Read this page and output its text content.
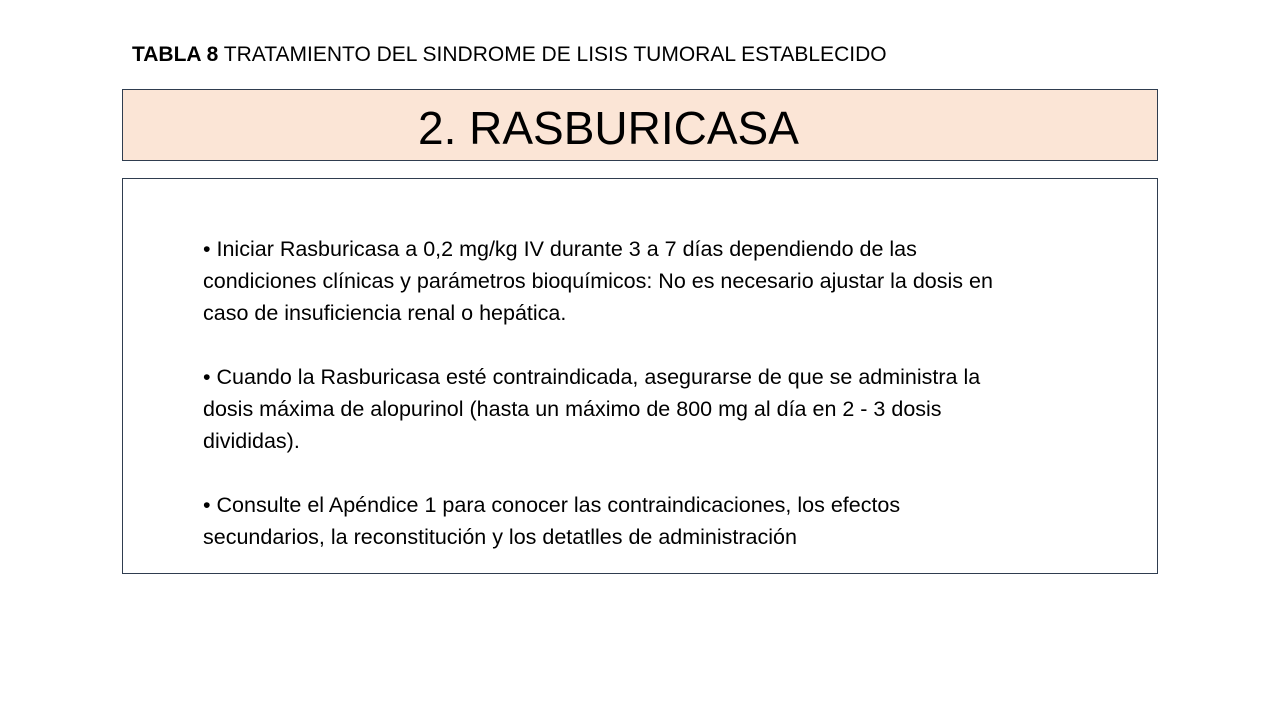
TABLA 8 TRATAMIENTO DEL SINDROME DE LISIS TUMORAL ESTABLECIDO
2. RASBURICASA

• Iniciar Rasburicasa a 0,2 mg/kg IV durante 3 a 7 días dependiendo de las condiciones clínicas y parámetros bioquímicos: No es necesario ajustar la dosis en caso de insuficiencia renal o hepática.

• Cuando la Rasburicasa esté contraindicada, asegurarse de que se administra la dosis máxima de alopurinol (hasta un máximo de 800 mg al día en 2 - 3 dosis divididas).

• Consulte el Apéndice 1 para conocer las contraindicaciones, los efectos secundarios, la reconstitución y los detatlles de administración
